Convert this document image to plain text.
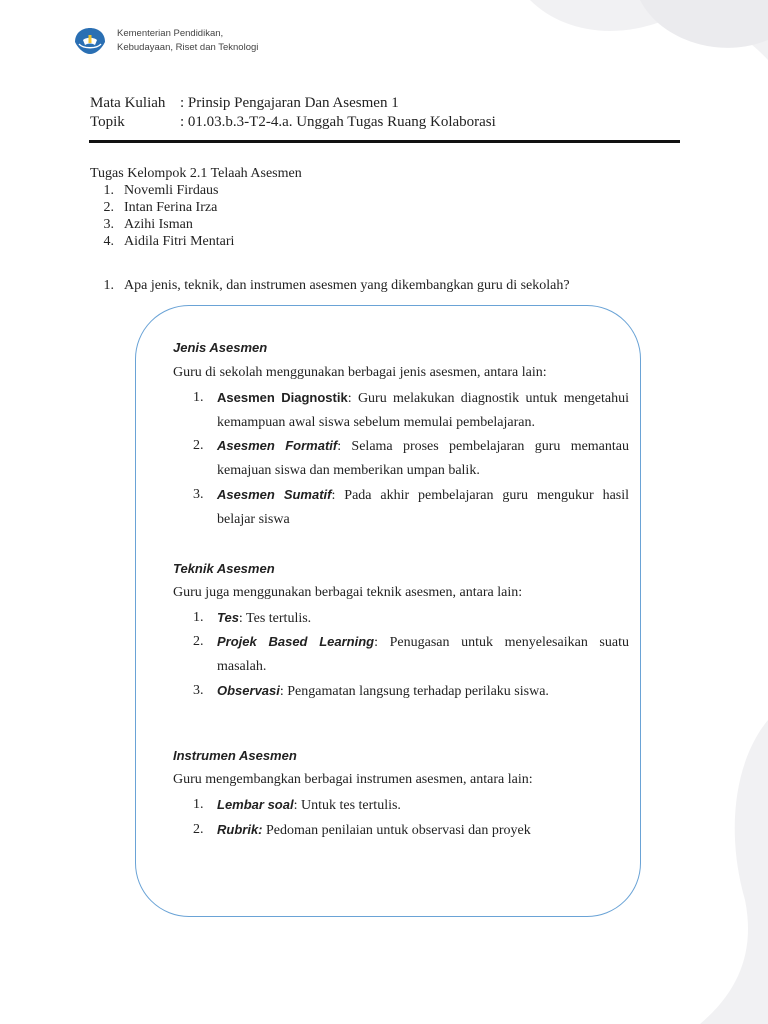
Kementerian Pendidikan,
Kebudayaan, Riset dan Teknologi
Mata Kuliah : Prinsip Pengajaran Dan Asesmen 1
Topik	: 01.03.b.3-T2-4.a. Unggah Tugas Ruang Kolaborasi
Tugas Kelompok 2.1 Telaah Asesmen
1. Novemli Firdaus
2. Intan Ferina Irza
3. Azihi Isman
4. Aidila Fitri Mentari
1. Apa jenis, teknik, dan instrumen asesmen yang dikembangkan guru di sekolah?
Jenis Asesmen
Guru di sekolah menggunakan berbagai jenis asesmen, antara lain:
1. Asesmen Diagnostik: Guru melakukan diagnostik untuk mengetahui
kemampuan awal siswa sebelum memulai pembelajaran.
2. Asesmen Formatif: Selama proses pembelajaran guru memantau
kemajuan siswa dan memberikan umpan balik.
3. Asesmen Sumatif: Pada akhir pembelajaran guru mengukur hasil
belajar siswa
Teknik Asesmen
Guru juga menggunakan berbagai teknik asesmen, antara lain:
1. Tes: Tes tertulis.
2. Projek Based Learning: Penugasan untuk menyelesaikan suatu
masalah.
3. Observasi: Pengamatan langsung terhadap perilaku siswa.
Instrumen Asesmen
Guru mengembangkan berbagai instrumen asesmen, antara lain:
1. Lembar soal: Untuk tes tertulis.
2. Rubrik: Pedoman penilaian untuk observasi dan proyek
